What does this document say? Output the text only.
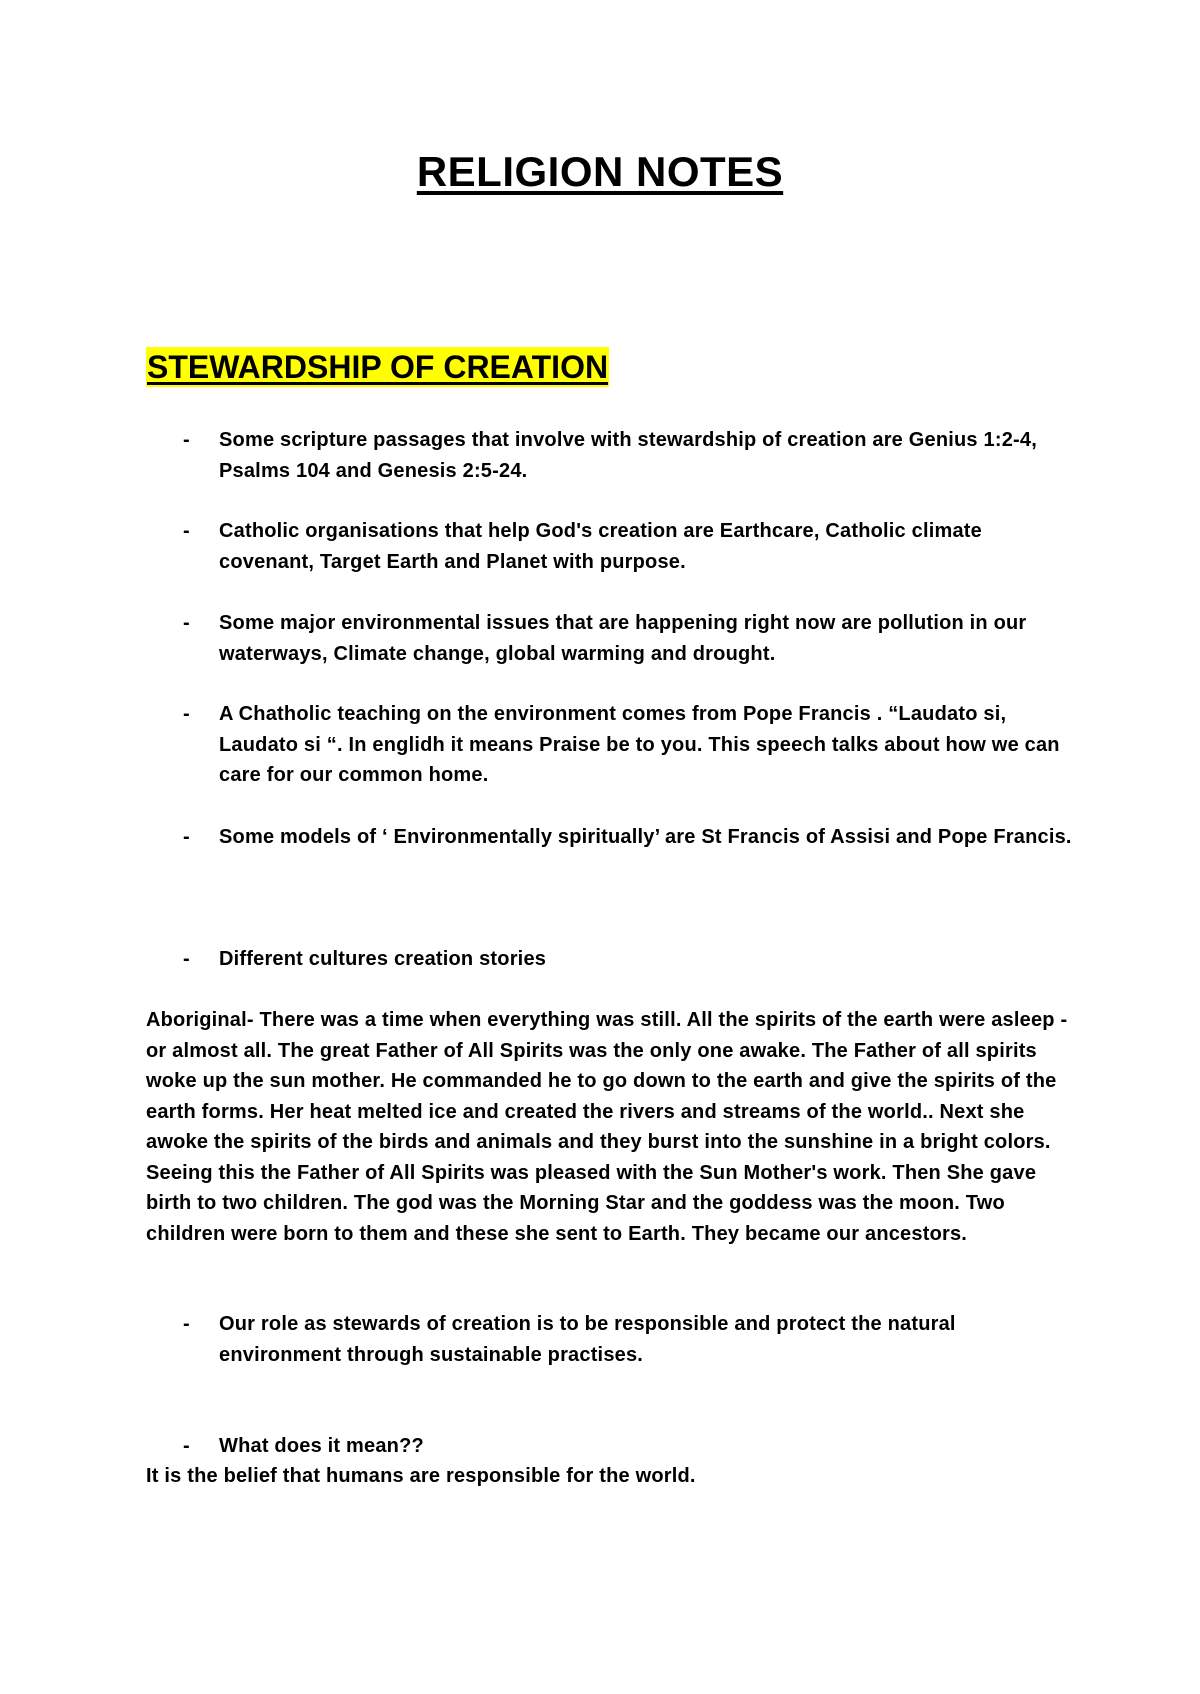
RELIGION NOTES
STEWARDSHIP OF CREATION
-	Some scripture passages that involve with stewardship of creation are Genius 1:2-4, Psalms 104 and Genesis 2:5-24.
-	Catholic organisations that help God's creation are Earthcare, Catholic climate covenant, Target Earth and Planet with purpose.
-	Some major environmental issues that are happening right now are pollution in our waterways, Climate change, global warming and drought.
-	A Chatholic teaching on the environment comes from Pope Francis . “Laudato si, Laudato si “. In englidh it means Praise be to you. This speech talks about how we can care for our common home.
-	Some models of ‘ Environmentally spiritually’ are St Francis of Assisi and Pope Francis.
-	Different cultures creation stories

Aboriginal- There was a time when everything was still. All the spirits of the earth were asleep - or almost all. The great Father of All Spirits was the only one awake. The Father of all spirits woke up the sun mother. He commanded he to go down to the earth and give the spirits of the earth forms. Her heat melted ice and created the rivers and streams of the world.. Next she awoke the spirits of the birds and animals and they burst into the sunshine in a bright colors. Seeing this the Father of All Spirits was pleased with the Sun Mother's work. Then She gave birth to two children. The god was the Morning Star and the goddess was the moon. Two children were born to them and these she sent to Earth. They became our ancestors.

-	Our role as stewards of creation is to be responsible and protect the natural environment through sustainable practises.
-	What does it mean??

It is the belief that humans are responsible for the world.
